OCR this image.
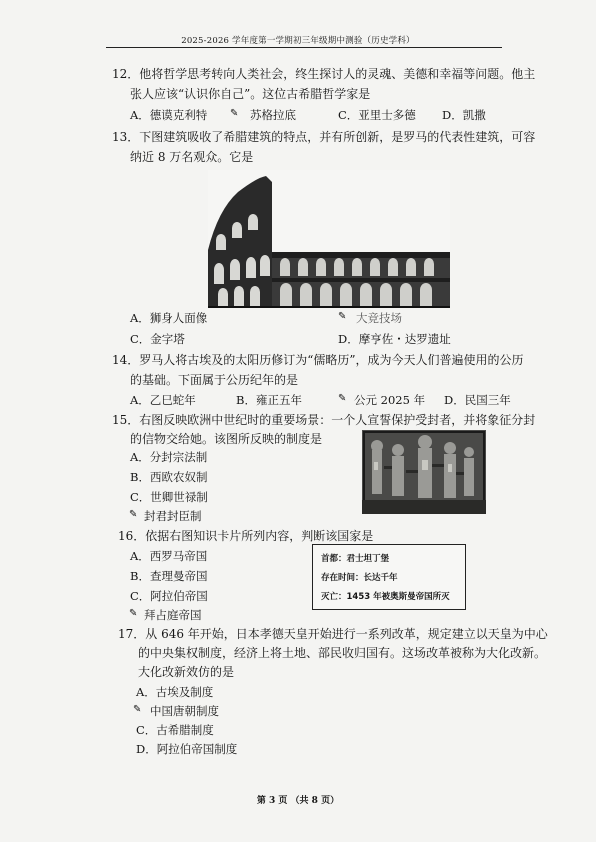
2025-2026 学年度第一学期初三年级期中测验（历史学科）
12．他将哲学思考转向人类社会，终生探讨人的灵魂、美德和幸福等问题。他主
张人应该“认识你自己”。这位古希腊哲学家是
A．德谟克利特 ✎ 苏格拉底	C．亚里士多德 D．凯撒
13．下图建筑吸收了希腊建筑的特点，并有所创新，是罗马的代表性建筑，可容
纳近 8 万名观众。它是
A．狮身人面像	✎ 大竞技场
C．金字塔	D．摩亨佐・达罗遗址
14．罗马人将古埃及的太阳历修订为“儒略历”，成为今天人们普遍使用的公历
的基础。下面属于公历纪年的是
A．乙巳蛇年	B．雍正五年	✎ 公元 2025 年 D．民国三年
15．右图反映欧洲中世纪时的重要场景：一个人宣誓保护受封者，并将象征分封
的信物交给她。该图所反映的制度是
A．分封宗法制
B．西欧农奴制
C．世卿世禄制
✎ 封君封臣制
16．依据右图知识卡片所列内容，判断该国家是
A．西罗马帝国
B．查理曼帝国
C．阿拉伯帝国
✎ 拜占庭帝国
首都：君士坦丁堡
存在时间：长达千年
灭亡：1453 年被奥斯曼帝国所灭
17．从 646 年开始，日本孝德天皇开始进行一系列改革，规定建立以天皇为中心
的中央集权制度，经济上将土地、部民收归国有。这场改革被称为大化改新。
大化改新效仿的是
A．古埃及制度
✎ 中国唐朝制度
C．古希腊制度
D．阿拉伯帝国制度
第 3 页 （共 8 页）
